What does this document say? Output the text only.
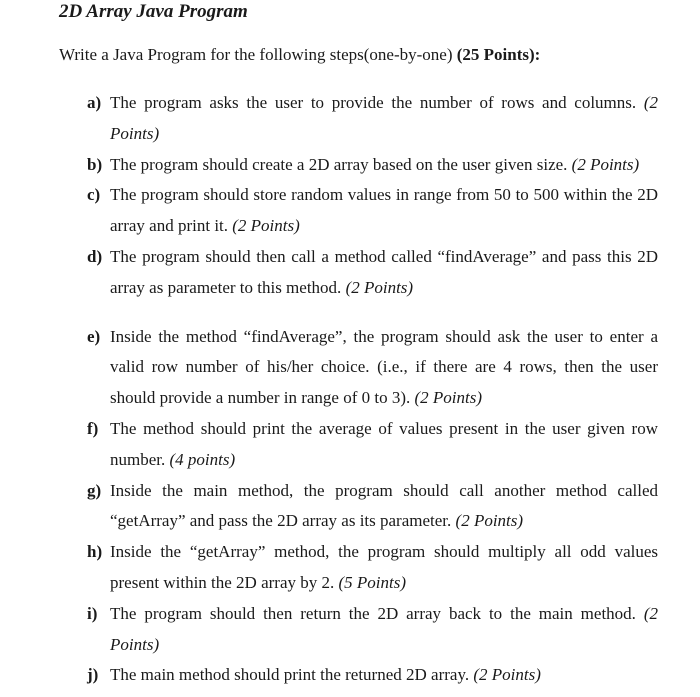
2D Array Java Program

Write a Java Program for the following steps(one-by-one) (25 Points):

a) The program asks the user to provide the number of rows and columns. (2 Points)
b) The program should create a 2D array based on the user given size. (2 Points)
c) The program should store random values in range from 50 to 500 within the 2D array and print it. (2 Points)
d) The program should then call a method called “findAverage” and pass this 2D array as parameter to this method. (2 Points)
e) Inside the method “findAverage”, the program should ask the user to enter a valid row number of his/her choice. (i.e., if there are 4 rows, then the user should provide a number in range of 0 to 3). (2 Points)
f) The method should print the average of values present in the user given row number. (4 points)
g) Inside the main method, the program should call another method called “getArray” and pass the 2D array as its parameter. (2 Points)
h) Inside the “getArray” method, the program should multiply all odd values present within the 2D array by 2. (5 Points)
i) The program should then return the 2D array back to the main method. (2 Points)
j) The main method should print the returned 2D array. (2 Points)
